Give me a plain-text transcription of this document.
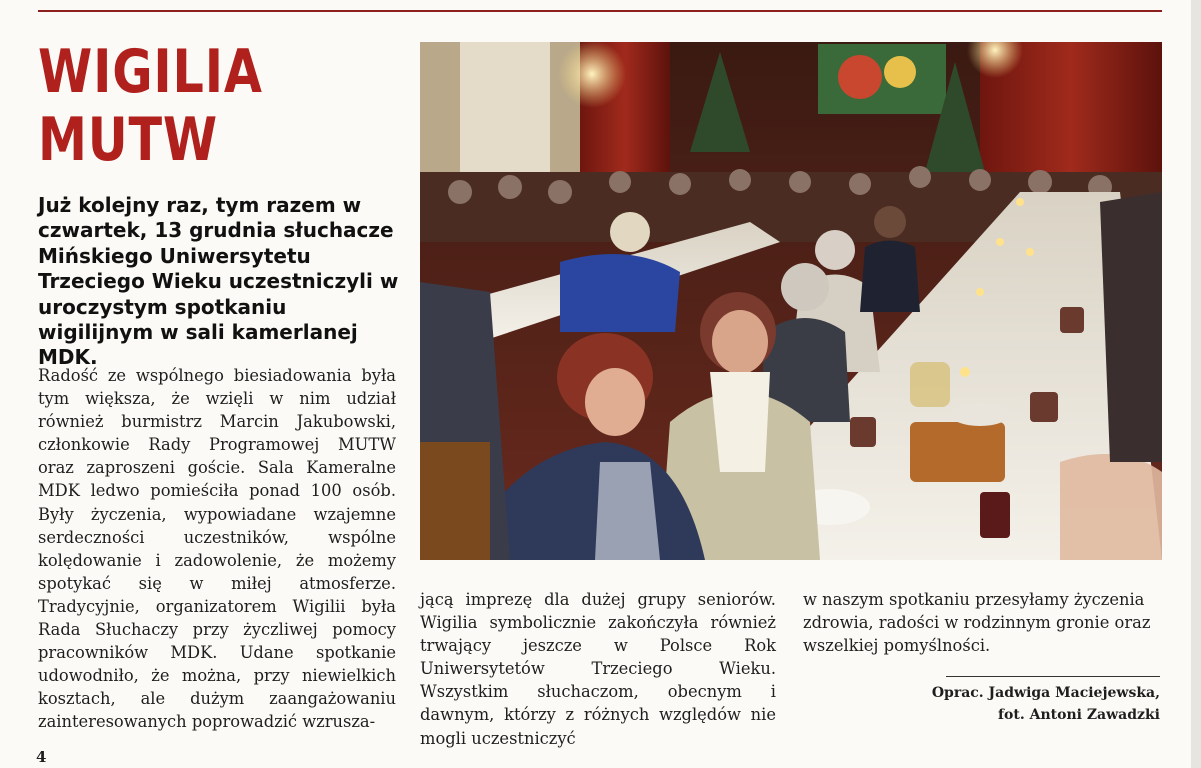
WIGILIA
MUTW

Już kolejny raz, tym razem w czwartek, 13 grudnia słuchacze Mińskiego Uniwersytetu Trzeciego Wieku uczestniczyli w uroczystym spotkaniu wigilijnym w sali kamerlanej MDK.

Radość ze wspólnego biesiadowania była tym większa, że wzięli w nim udział również burmistrz Marcin Jakubowski, członkowie Rady Programowej MUTW oraz zaproszeni goście. Sala Kameralne MDK ledwo pomieściła ponad 100 osób. Były życzenia, wypowiadane wzajemne serdeczności uczestników, wspólne kolędowanie i zadowolenie, że możemy spotykać się w miłej atmosferze. Tradycyjnie, organizatorem Wigilii była Rada Słuchaczy przy życzliwej pomocy pracowników MDK. Udane spotkanie udowodniło, że można, przy niewielkich kosztach, ale dużym zaangażowaniu zainteresowanych poprowadzić wzrusza-

jącą imprezę dla dużej grupy seniorów. Wigilia symbolicznie zakończyła również trwający jeszcze w Polsce Rok Uniwersytetów Trzeciego Wieku. Wszystkim słuchaczom, obecnym i dawnym, którzy z różnych względów nie mogli uczestniczyć

w naszym spotkaniu przesyłamy życzenia zdrowia, radości w rodzinnym gronie oraz wszelkiej pomyślności.

Oprac. Jadwiga Maciejewska,
fot. Antoni Zawadzki
4
